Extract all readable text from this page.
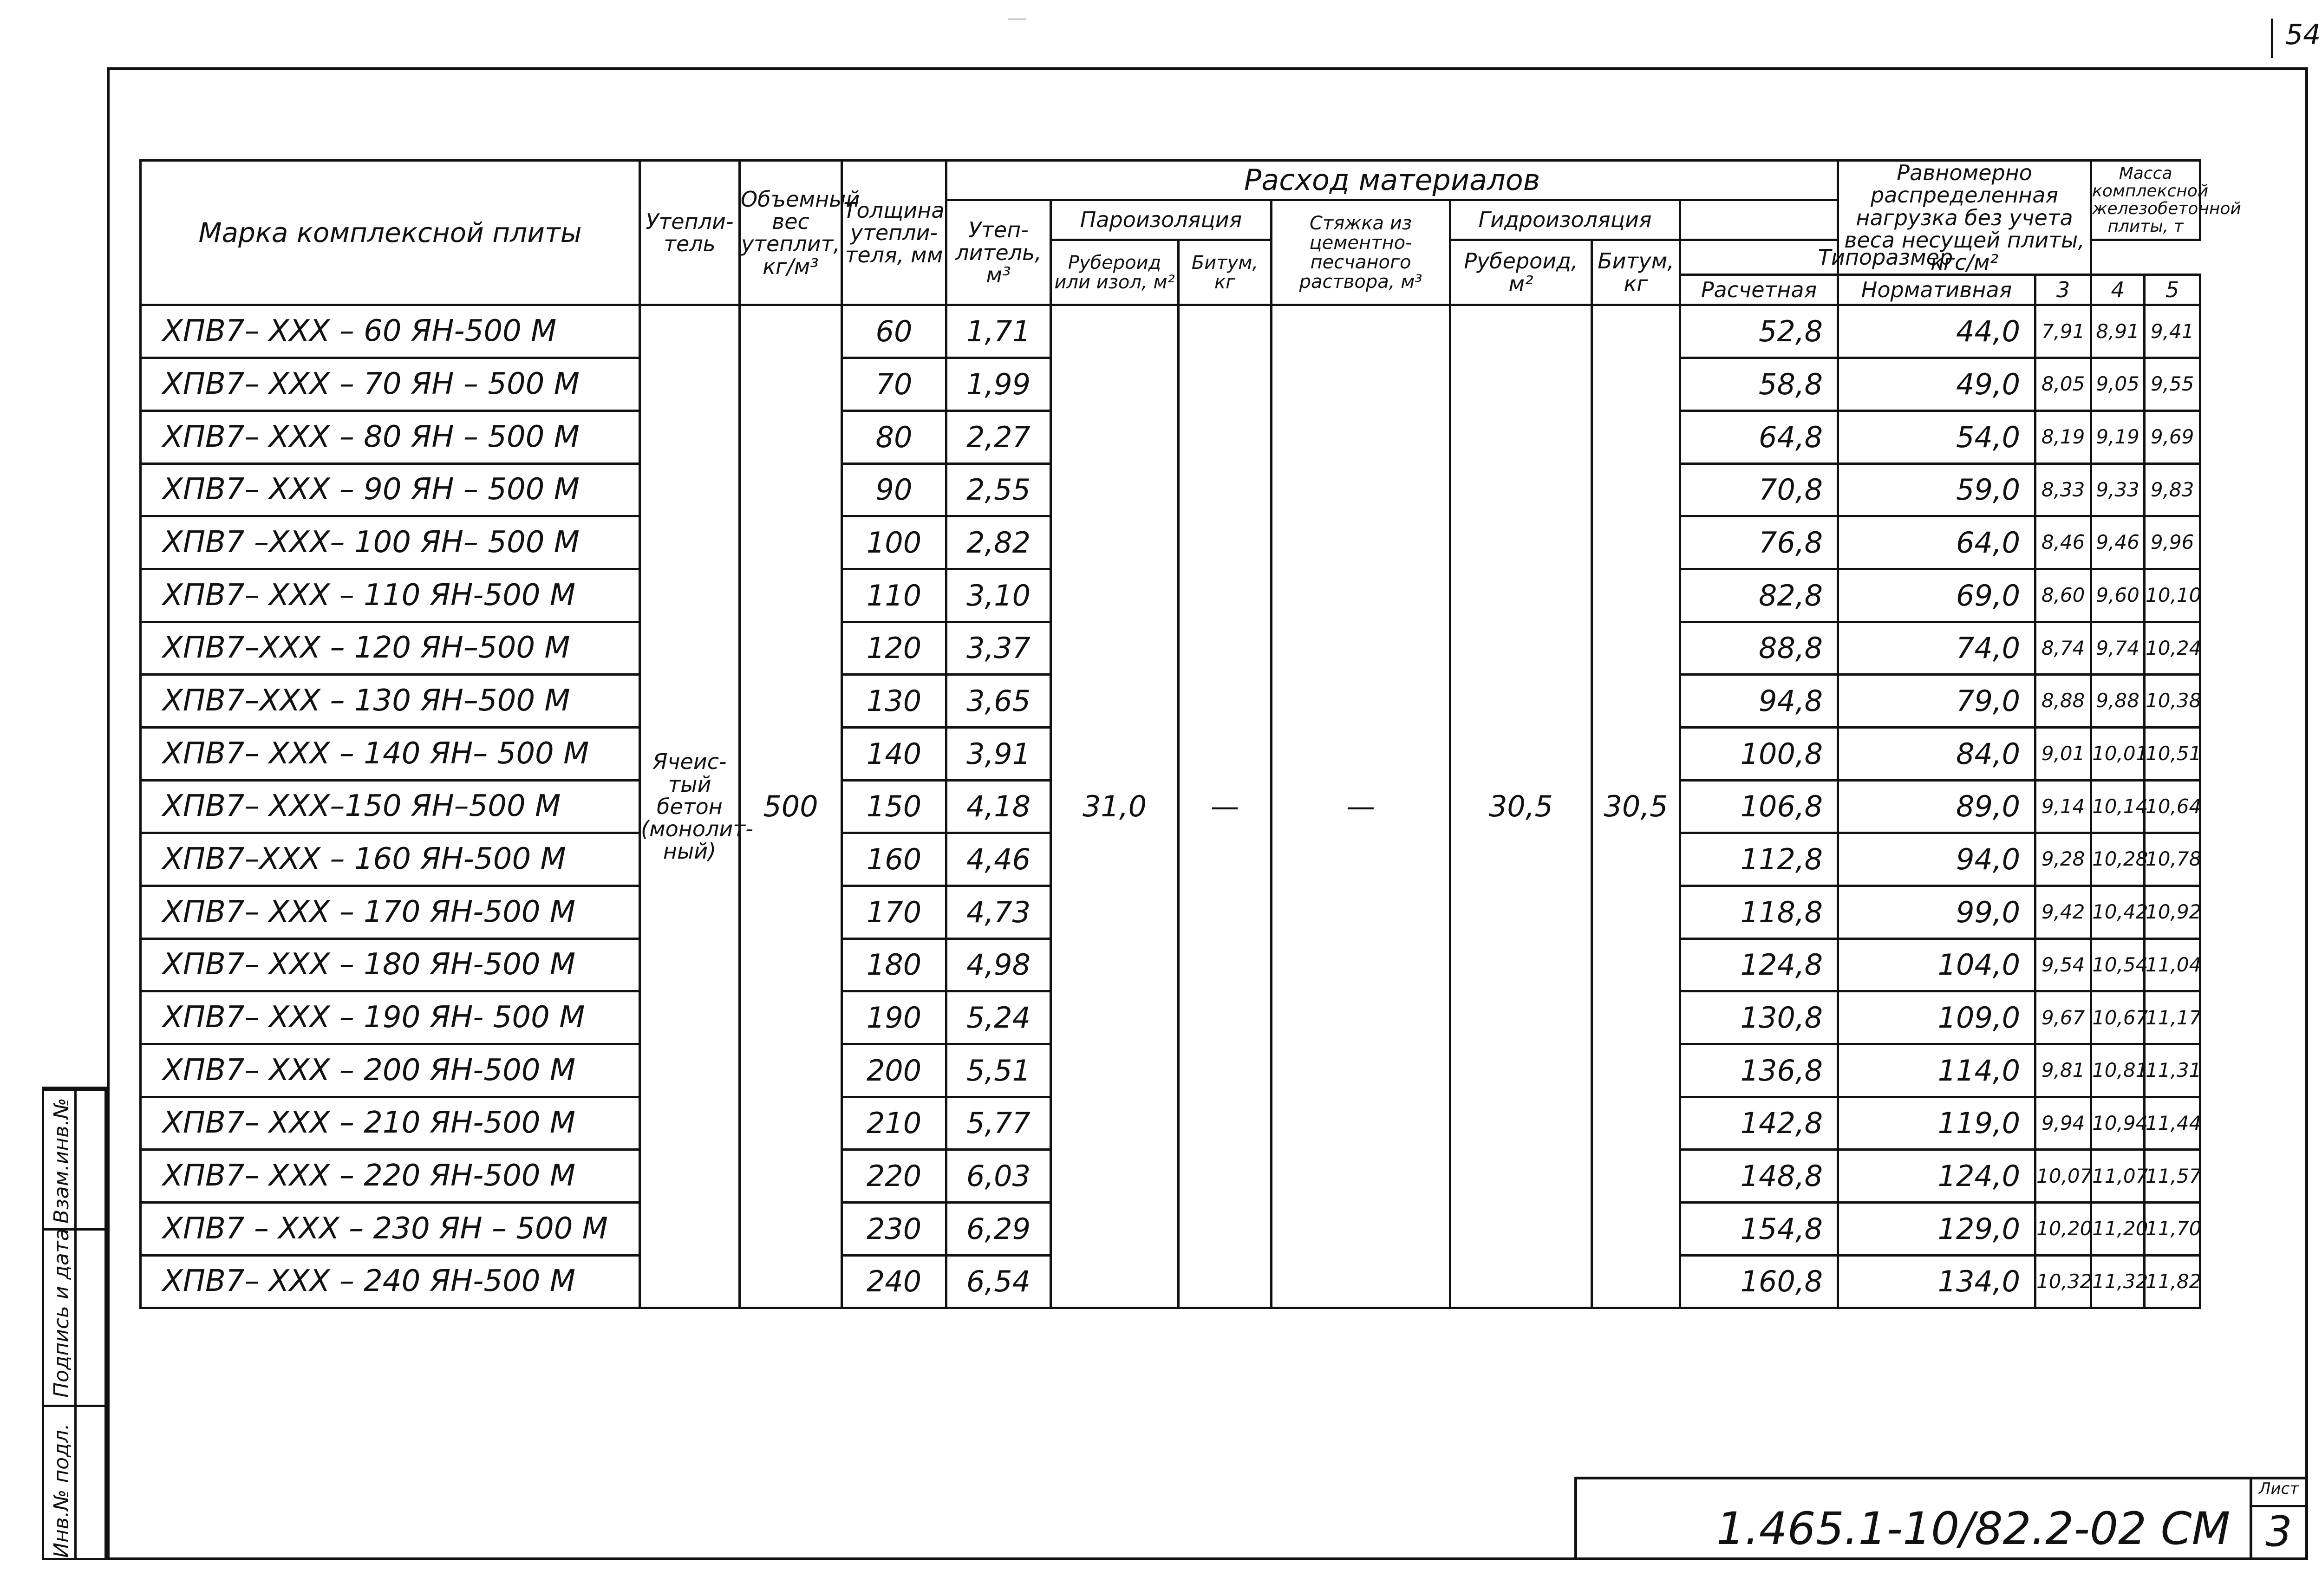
54
Марка комплексной плиты	Утепли-тель	Объемный вес утеплит, кг/м³	Толщина утепли-теля, мм	Расход материалов							Равномерно распределенная нагрузка без учета веса несущей плиты, кгс/м²		Масса комплексной железобетонной плиты, т	
				Утеп-литель, м³	Пароизоляция		Стяжка из цементно-песчаного раствора, м³	Гидроизоляция						
					Рубероид или изол, м²	Битум, кг		Рубероид, м²	Битум, кг	Типоразмер				
										Расчетная	Нормативная	3	4	5
ХПВ7– ХХХ – 60 ЯН-500 М	Ячеис-тый бетон (монолит-ный)	500	60	1,71	31,0	—	—	30,5	30,5	52,8	44,0	7,91	8,91	9,41
ХПВ7– ХХХ – 70 ЯН – 500 М			70	1,99						58,8	49,0	8,05	9,05	9,55
ХПВ7– ХХХ – 80 ЯН – 500 М			80	2,27						64,8	54,0	8,19	9,19	9,69
ХПВ7– ХХХ – 90 ЯН – 500 М			90	2,55						70,8	59,0	8,33	9,33	9,83
ХПВ7 –ХХХ– 100 ЯН– 500 М			100	2,82						76,8	64,0	8,46	9,46	9,96
ХПВ7– ХХХ – 110 ЯН-500 М			110	3,10						82,8	69,0	8,60	9,60	10,10
ХПВ7–ХХХ – 120 ЯН–500 М			120	3,37						88,8	74,0	8,74	9,74	10,24
ХПВ7–ХХХ – 130 ЯН–500 М			130	3,65						94,8	79,0	8,88	9,88	10,38
ХПВ7– ХХХ – 140 ЯН– 500 М			140	3,91						100,8	84,0	9,01	10,01	10,51
ХПВ7– ХХХ–150 ЯН–500 М			150	4,18						106,8	89,0	9,14	10,14	10,64
ХПВ7–ХХХ – 160 ЯН-500 М			160	4,46						112,8	94,0	9,28	10,28	10,78
ХПВ7– ХХХ – 170 ЯН-500 М			170	4,73						118,8	99,0	9,42	10,42	10,92
ХПВ7– ХХХ – 180 ЯН-500 М			180	4,98						124,8	104,0	9,54	10,54	11,04
ХПВ7– ХХХ – 190 ЯН- 500 М			190	5,24						130,8	109,0	9,67	10,67	11,17
ХПВ7– ХХХ – 200 ЯН-500 М			200	5,51						136,8	114,0	9,81	10,81	11,31
ХПВ7– ХХХ – 210 ЯН-500 М			210	5,77						142,8	119,0	9,94	10,94	11,44
ХПВ7– ХХХ – 220 ЯН-500 М			220	6,03						148,8	124,0	10,07	11,07	11,57
ХПВ7 – ХХХ – 230 ЯН – 500 М			230	6,29						154,8	129,0	10,20	11,20	11,70
ХПВ7– ХХХ – 240 ЯН-500 М			240	6,54						160,8	134,0	10,32	11,32	11,82
Инв.№ подл.
Подпись и дата
Взам.инв.№
1.465.1-10/82.2-02 СМ
Лист
3
